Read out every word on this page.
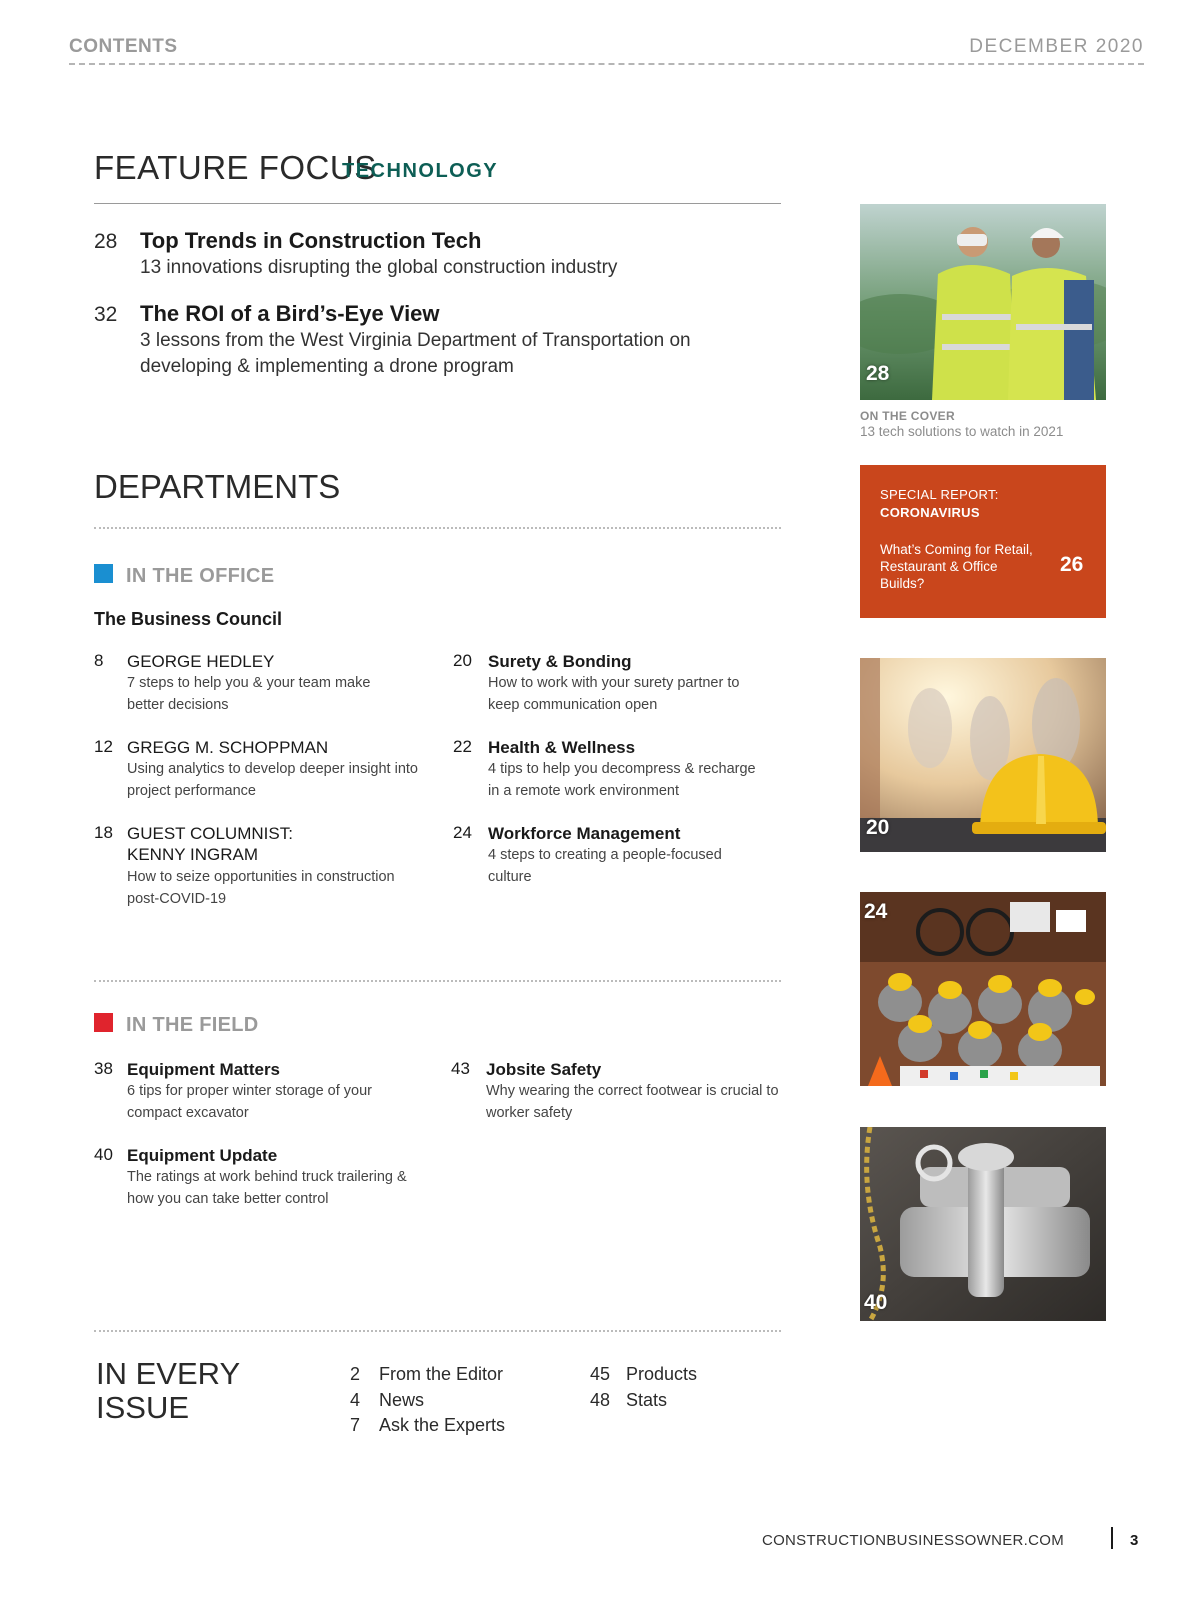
CONTENTS	DECEMBER 2020
FEATURE FOCUS
TECHNOLOGY
28 Top Trends in Construction Tech
13 innovations disrupting the global construction industry
32 The ROI of a Bird’s-Eye View
3 lessons from the West Virginia Department of Transportation on developing & implementing a drone program
DEPARTMENTS
IN THE OFFICE
The Business Council
8 GEORGE HEDLEY
7 steps to help you & your team make better decisions
12 GREGG M. SCHOPPMAN
Using analytics to develop deeper insight into project performance
18 GUEST COLUMNIST:
KENNY INGRAM
How to seize opportunities in construction post-COVID-19
20 Surety & Bonding
How to work with your surety partner to keep communication open
22 Health & Wellness
4 tips to help you decompress & recharge in a remote work environment
24 Workforce Management
4 steps to creating a people-focused culture
IN THE FIELD
38 Equipment Matters
6 tips for proper winter storage of your compact excavator
40 Equipment Update
The ratings at work behind truck trailering & how you can take better control
43 Jobsite Safety
Why wearing the correct footwear is crucial to worker safety
IN EVERY
ISSUE
2 From the Editor
4 News
7 Ask the Experts
45 Products
48 Stats
28
ON THE COVER
13 tech solutions to watch in 2021
SPECIAL REPORT:
CORONAVIRUS
What’s Coming for Retail, Restaurant & Office Builds?
26
20
24
40
CONSTRUCTIONBUSINESSOWNER.COM	3
